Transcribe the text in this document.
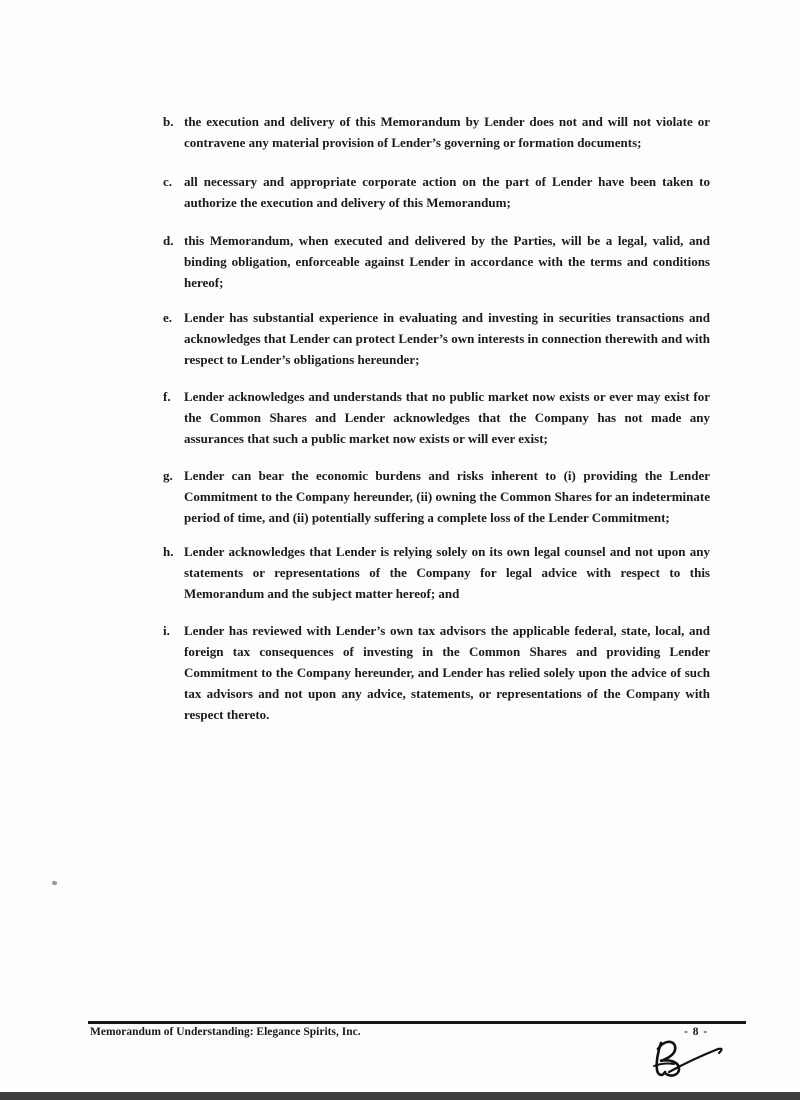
b. the execution and delivery of this Memorandum by Lender does not and will not violate or contravene any material provision of Lender’s governing or formation documents;
c. all necessary and appropriate corporate action on the part of Lender have been taken to authorize the execution and delivery of this Memorandum;
d. this Memorandum, when executed and delivered by the Parties, will be a legal, valid, and binding obligation, enforceable against Lender in accordance with the terms and conditions hereof;
e. Lender has substantial experience in evaluating and investing in securities transactions and acknowledges that Lender can protect Lender’s own interests in connection therewith and with respect to Lender’s obligations hereunder;
f.	Lender acknowledges and understands that no public market now exists or ever may exist for the Common Shares and Lender acknowledges that the Company has not made any assurances that such a public market now exists or will ever exist;
g. Lender can bear the economic burdens and risks inherent to (i) providing the Lender Commitment to the Company hereunder, (ii) owning the Common Shares for an indeterminate period of time, and (ii) potentially suffering a complete loss of the Lender Commitment;
h. Lender acknowledges that Lender is relying solely on its own legal counsel and not upon any statements or representations of the Company for legal advice with respect to this Memorandum and the subject matter hereof; and
i.	Lender has reviewed with Lender’s own tax advisors the applicable federal, state, local, and foreign tax consequences of investing in the Common Shares and providing Lender Commitment to the Company hereunder, and Lender has relied solely upon the advice of such tax advisors and not upon any advice, statements, or representations of the Company with respect thereto.
Memorandum of Understanding: Elegance Spirits, Inc.	- 8 -
